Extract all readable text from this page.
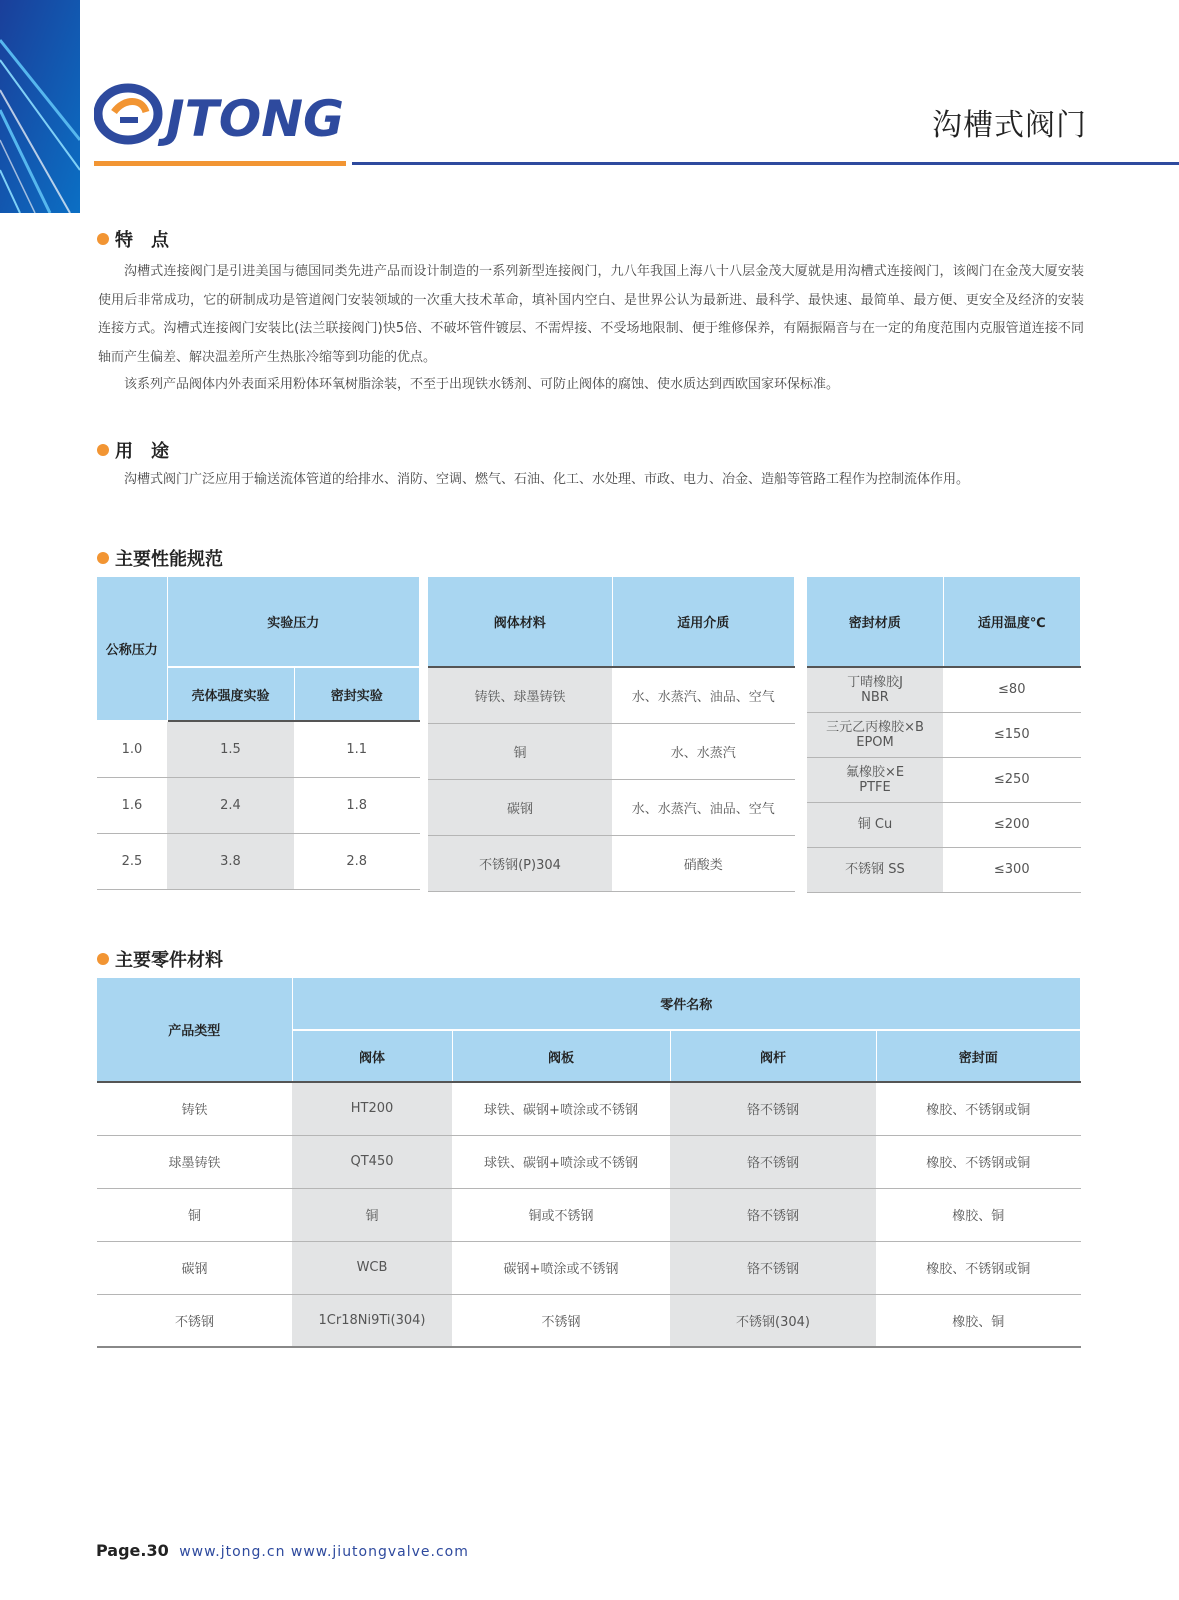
JTONG	沟槽式阀门
特　点
沟槽式连接阀门是引进美国与德国同类先进产品而设计制造的一系列新型连接阀门，九八年我国上海八十八层金茂大厦就是用沟槽式连接阀门，该阀门在金茂大厦安装使用后非常成功，它的研制成功是管道阀门安装领域的一次重大技术革命，填补国内空白、是世界公认为最新进、最科学、最快速、最简单、最方便、更安全及经济的安装连接方式。沟槽式连接阀门安装比(法兰联接阀门)快5倍、不破坏管件镀层、不需焊接、不受场地限制、便于维修保养，有隔振隔音与在一定的角度范围内克服管道连接不同轴而产生偏差、解决温差所产生热胀冷缩等到功能的优点。
该系列产品阀体内外表面采用粉体环氧树脂涂装，不至于出现铁水锈剂、可防止阀体的腐蚀、使水质达到西欧国家环保标准。
用　途
沟槽式阀门广泛应用于输送流体管道的给排水、消防、空调、燃气、石油、化工、水处理、市政、电力、冶金、造船等管路工程作为控制流体作用。
主要性能规范
公称压力	实验压力	
	壳体强度实验	密封实验
1.0	1.5	1.1
1.6	2.4	1.8
2.5	3.8	2.8
阀体材料	适用介质
铸铁、球墨铸铁	水、水蒸汽、油品、空气
铜	水、水蒸汽
碳钢	水、水蒸汽、油品、空气
不锈钢(P)304	硝酸类
密封材质	适用温度℃
丁晴橡胶J
NBR	≤80
三元乙丙橡胶×B
EPOM	≤150
氟橡胶×E
PTFE	≤250
铜 Cu	≤200
不锈钢 SS	≤300
主要零件材料
产品类型	零件名称			
	阀体	阀板	阀杆	密封面
铸铁	HT200	球铁、碳钢+喷涂或不锈钢	铬不锈钢	橡胶、不锈钢或铜
球墨铸铁	QT450	球铁、碳钢+喷涂或不锈钢	铬不锈钢	橡胶、不锈钢或铜
铜	铜	铜或不锈钢	铬不锈钢	橡胶、铜
碳钢	WCB	碳钢+喷涂或不锈钢	铬不锈钢	橡胶、不锈钢或铜
不锈钢	1Cr18Ni9Ti(304)	不锈钢	不锈钢(304)	橡胶、铜
Page.30 www.jtong.cn www.jiutongvalve.com
